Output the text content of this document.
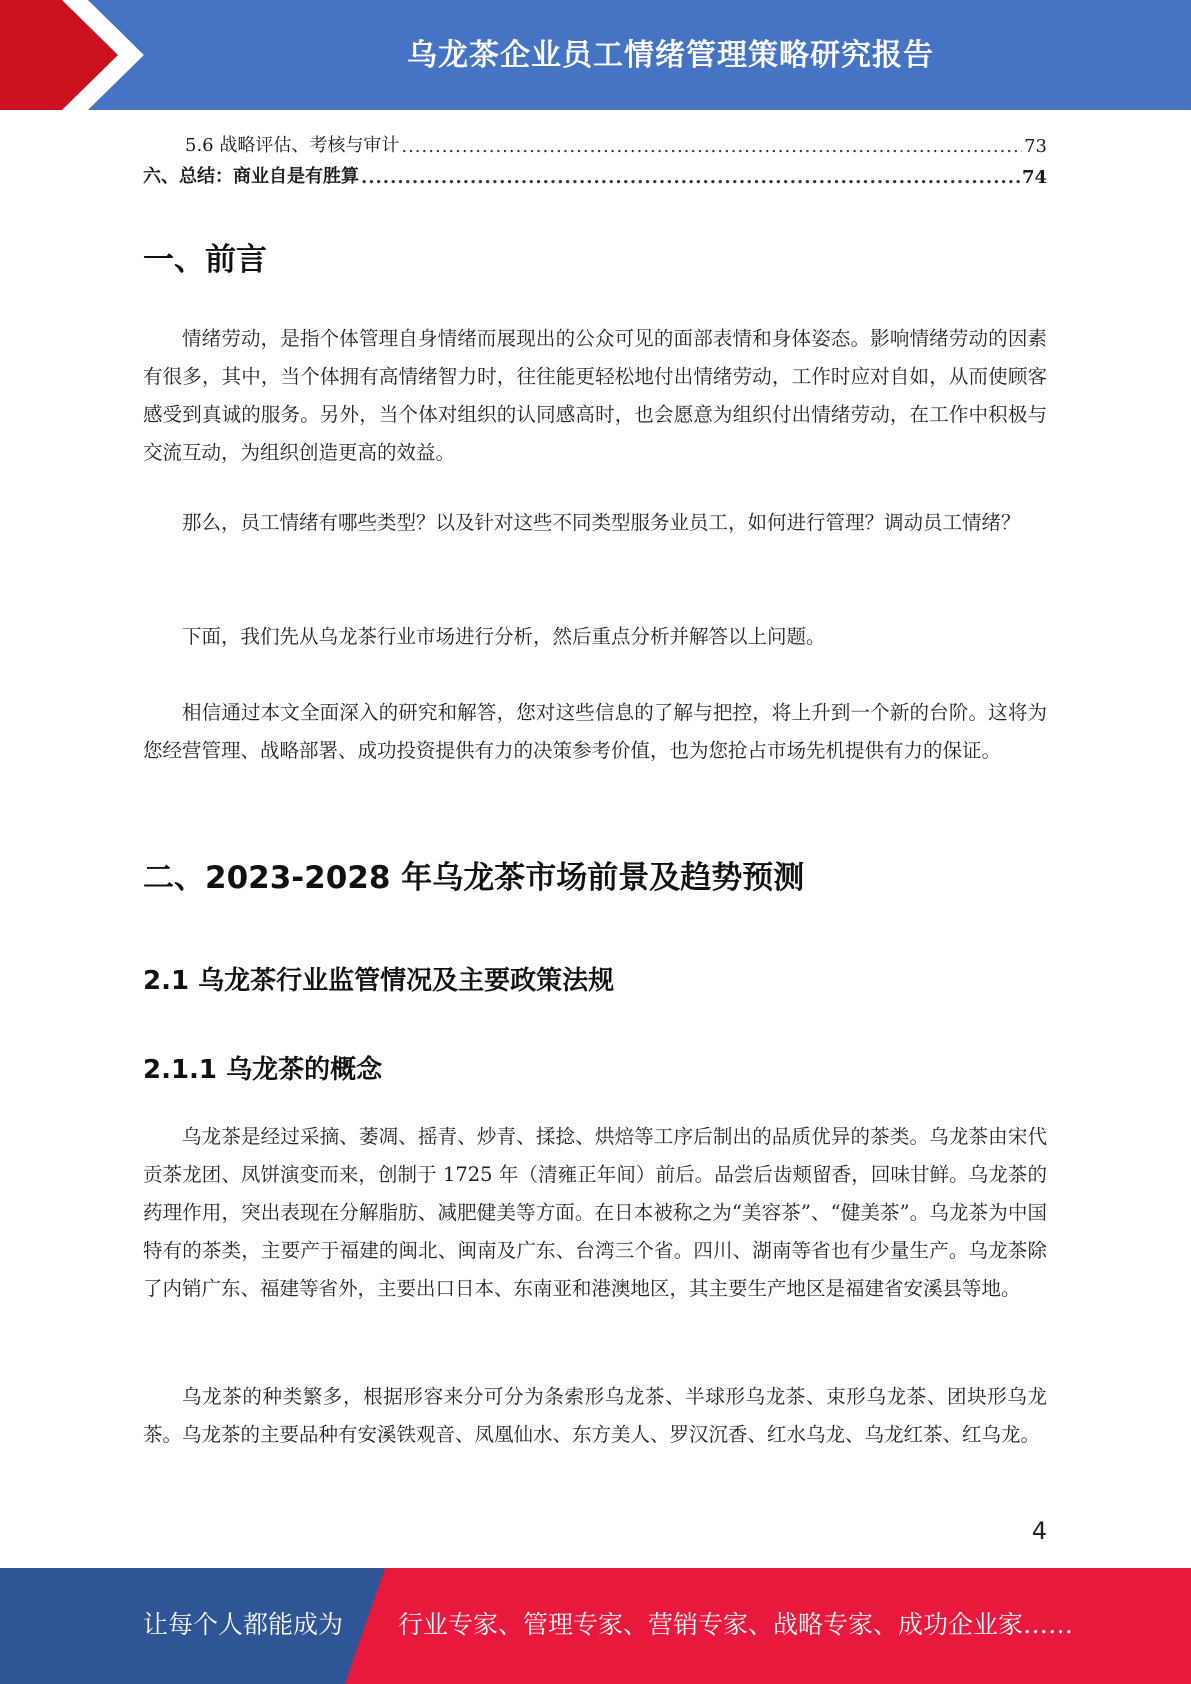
乌龙茶企业员工情绪管理策略研究报告
5.6 战略评估、考核与审计 .....	73
六、总结：商业自是有胜算 .....	74
一、前言
情绪劳动，是指个体管理自身情绪而展现出的公众可见的面部表情和身体姿态。影响情绪劳动的因素有很多，其中，当个体拥有高情绪智力时，往往能更轻松地付出情绪劳动，工作时应对自如，从而使顾客感受到真诚的服务。另外，当个体对组织的认同感高时，也会愿意为组织付出情绪劳动，在工作中积极与交流互动，为组织创造更高的效益。
那么，员工情绪有哪些类型？以及针对这些不同类型服务业员工，如何进行管理？调动员工情绪？
下面，我们先从乌龙茶行业市场进行分析，然后重点分析并解答以上问题。
相信通过本文全面深入的研究和解答，您对这些信息的了解与把控，将上升到一个新的台阶。这将为您经营管理、战略部署、成功投资提供有力的决策参考价值，也为您抢占市场先机提供有力的保证。
二、2023-2028 年乌龙茶市场前景及趋势预测
2.1 乌龙茶行业监管情况及主要政策法规
2.1.1 乌龙茶的概念
乌龙茶是经过采摘、萎凋、摇青、炒青、揉捻、烘焙等工序后制出的品质优异的茶类。乌龙茶由宋代贡茶龙团、凤饼演变而来，创制于 1725 年（清雍正年间）前后。品尝后齿颊留香，回味甘鲜。乌龙茶的药理作用，突出表现在分解脂肪、减肥健美等方面。在日本被称之为“美容茶”、“健美茶”。乌龙茶为中国特有的茶类，主要产于福建的闽北、闽南及广东、台湾三个省。四川、湖南等省也有少量生产。乌龙茶除了内销广东、福建等省外，主要出口日本、东南亚和港澳地区，其主要生产地区是福建省安溪县等地。
乌龙茶的种类繁多，根据形容来分可分为条索形乌龙茶、半球形乌龙茶、束形乌龙茶、团块形乌龙茶。乌龙茶的主要品种有安溪铁观音、凤凰仙水、东方美人、罗汉沉香、红水乌龙、乌龙红茶、红乌龙。
4
让每个人都能成为 行业专家、管理专家、营销专家、战略专家、成功企业家……
